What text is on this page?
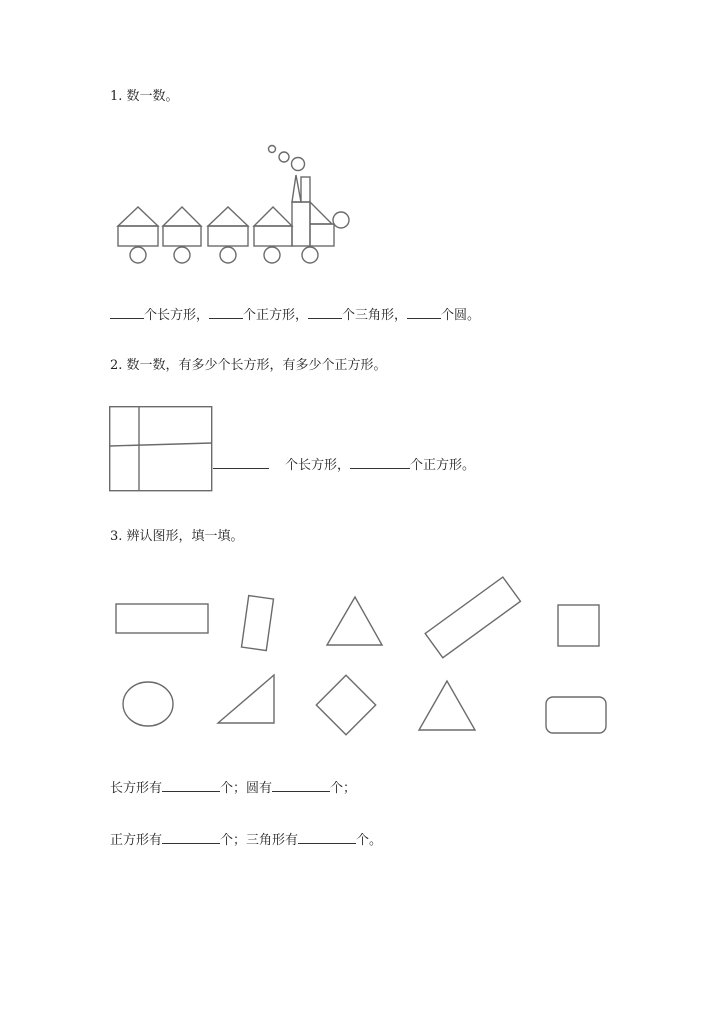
1. 数一数。
个长方形，	个正方形，	个三角形，	个圆。
2. 数一数，有多少个长方形，有多少个正方形。
个长方形，	个正方形。
3. 辨认图形，填一填。
长方形有	个；圆有	个；
正方形有	个；三角形有	个。
